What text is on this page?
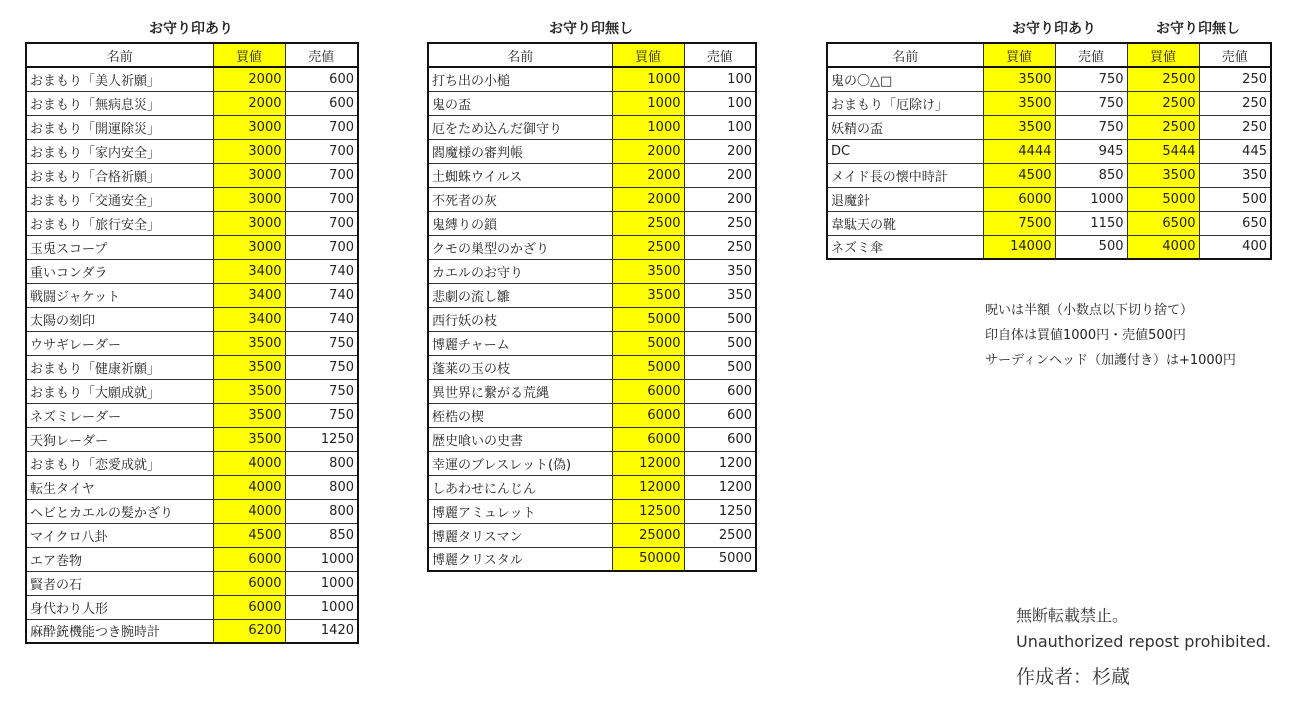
お守り印あり
名前	買値	売値
おまもり「美人祈願」	2000	600
おまもり「無病息災」	2000	600
おまもり「開運除災」	3000	700
おまもり「家内安全」	3000	700
おまもり「合格祈願」	3000	700
おまもり「交通安全」	3000	700
おまもり「旅行安全」	3000	700
玉兎スコープ	3000	700
重いコンダラ	3400	740
戦闘ジャケット	3400	740
太陽の刻印	3400	740
ウサギレーダー	3500	750
おまもり「健康祈願」	3500	750
おまもり「大願成就」	3500	750
ネズミレーダー	3500	750
天狗レーダー	3500	1250
おまもり「恋愛成就」	4000	800
転生タイヤ	4000	800
ヘビとカエルの髪かざり	4000	800
マイクロ八卦	4500	850
エア巻物	6000	1000
賢者の石	6000	1000
身代わり人形	6000	1000
麻酔銃機能つき腕時計	6200	1420
お守り印無し
名前	買値	売値
打ち出の小槌	1000	100
鬼の盃	1000	100
厄をため込んだ御守り	1000	100
閻魔様の審判帳	2000	200
土蜘蛛ウイルス	2000	200
不死者の灰	2000	200
鬼縛りの鎖	2500	250
クモの巣型のかざり	2500	250
カエルのお守り	3500	350
悲劇の流し雛	3500	350
西行妖の枝	5000	500
博麗チャーム	5000	500
蓬莱の玉の枝	5000	500
異世界に繋がる荒縄	6000	600
桎梏の楔	6000	600
歴史喰いの史書	6000	600
幸運のブレスレット(偽)	12000	1200
しあわせにんじん	12000	1200
博麗アミュレット	12500	1250
博麗タリスマン	25000	2500
博麗クリスタル	50000	5000
お守り印あり	お守り印無し
名前	買値	売値	買値	売値
鬼の〇△□	3500	750	2500	250
おまもり「厄除け」	3500	750	2500	250
妖精の盃	3500	750	2500	250
DC	4444	945	5444	445
メイド長の懐中時計	4500	850	3500	350
退魔針	6000	1000	5000	500
韋駄天の靴	7500	1150	6500	650
ネズミ傘	14000	500	4000	400
呪いは半額（小数点以下切り捨て）
印自体は買値1000円・売値500円
サーディンヘッド（加護付き）は+1000円
無断転載禁止。
Unauthorized repost prohibited.
作成者：杉蔵
